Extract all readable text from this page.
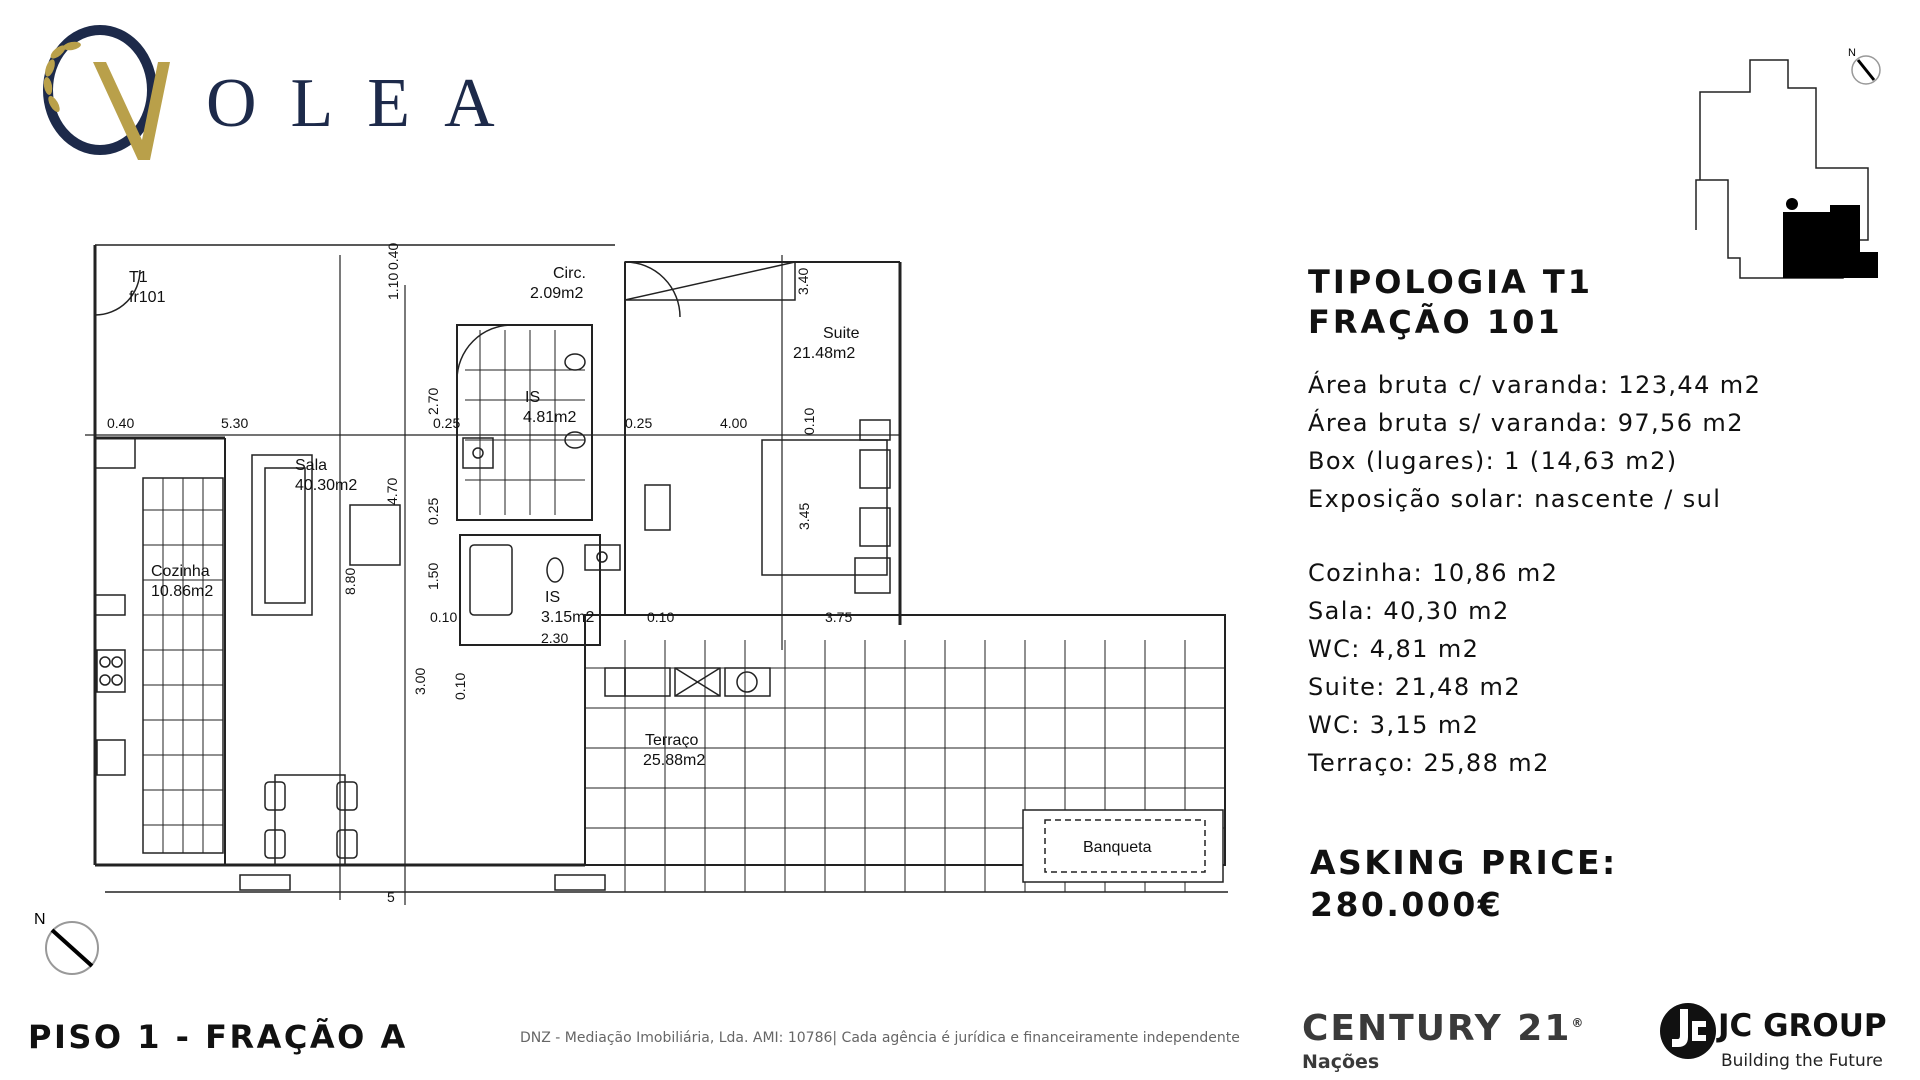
OLEA
T1
fr101
Circ.
2.09m2
Suite
21.48m2
IS
4.81m2
Sala
40.30m2
Cozinha
10.86m2	IS
3.15m2
Terraço
25.88m2
Banqueta
0.40	5.30	0.25	0.25	4.00
0.10	0.10	3.75
2.30
5
1.10
0.40
2.70
3.40
0.10
4.70
0.25	3.45
8.80	1.50
3.00 0.10
N
TIPOLOGIA T1
FRAÇÃO 101
Área bruta c/ varanda: 123,44 m2
Área bruta s/ varanda: 97,56 m2
Box (lugares): 1 (14,63 m2)
Exposição solar: nascente / sul
Cozinha: 10,86 m2
Sala: 40,30 m2
WC: 4,81 m2
Suite: 21,48 m2
WC: 3,15 m2
Terraço: 25,88 m2
ASKING PRICE:
280.000€
N
PISO 1 - FRAÇÃO A	DNZ - Mediação Imobiliária, Lda. AMI: 10786| Cada agência é jurídica e financeiramente independente CENTURY 21®
Nações
JC GROUP
Building the Future
